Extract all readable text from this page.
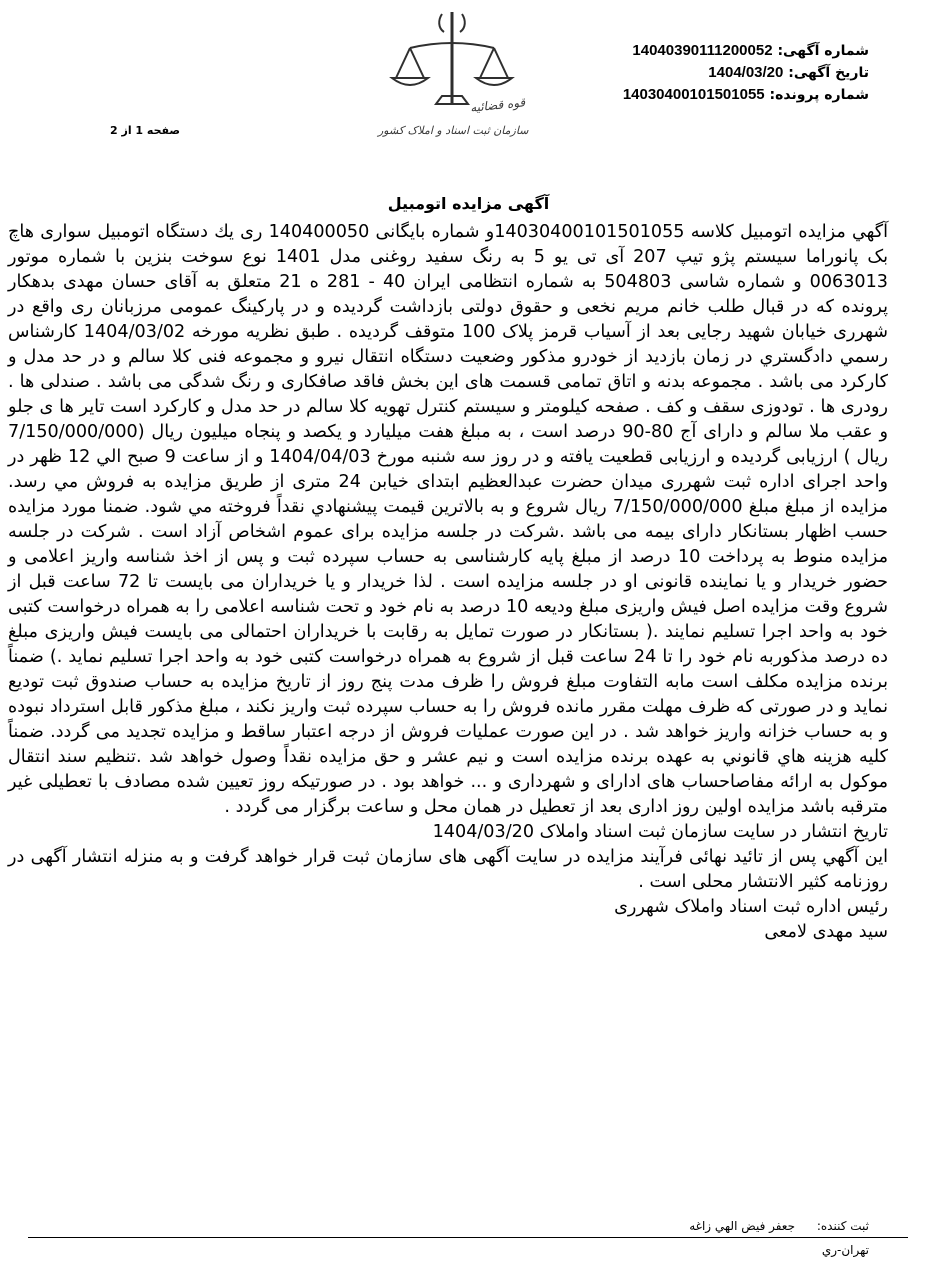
شماره آگهی: 14040390111200052
تاریخ آگهی: 1404/03/20
شماره پرونده: 14030400101501055
صفحه 1 از 2
قوه قضائیه
سازمان ثبت اسناد و املاک کشور
آگهی مزایده اتومبیل

آگهي مزايده اتومبيل كلاسه 14030400101501055و شماره بايگانی 140400050 ری يك دستگاه اتومبيل سواری هاچ بک پانوراما سيستم پژو تيپ 207 آی تی يو 5 به رنگ سفيد روغنی مدل 1401 نوع سوخت بنزين با شماره موتور 0063013 و شماره شاسی 504803 به شماره انتظامی ايران 40 - 281 ه 21 متعلق به آقای حسان مهدی بدهكار پرونده كه در قبال طلب خانم مريم نخعی و حقوق دولتی بازداشت گرديده و در پاركينگ عمومی مرزبانان ری واقع در شهرری خيابان شهيد رجايی بعد از آسياب قرمز پلاک 100 متوقف گرديده . طبق نظريه مورخه 1404/03/02 كارشناس رسمي دادگستري در زمان بازديد از خودرو مذكور وضعيت دستگاه انتقال نيرو و مجموعه فنی كلا سالم و در حد مدل و كاركرد می باشد . مجموعه بدنه و اتاق تمامی قسمت های اين بخش فاقد صافكاری و رنگ شدگی می باشد . صندلی ها . رودری ها . تودوزی سقف و كف . صفحه كيلومتر و سيستم كنترل تهويه كلا سالم در حد مدل و كاركرد است تاير ها ی جلو و عقب ملا سالم و دارای آج 80-90 درصد است ، به مبلغ هفت ميليارد و يكصد و پنجاه ميليون ريال (7/150/000/000 ريال ) ارزيابی گرديده و ارزيابی قطعيت يافته و در روز سه شنبه مورخ 1404/04/03 و از ساعت 9 صبح الي 12 ظهر در واحد اجرای اداره ثبت شهرری ميدان حضرت عبدالعظيم ابتدای خيابن 24 متری از طريق مزايده به فروش مي رسد. مزايده از مبلغ مبلغ 7/150/000/000 ريال شروع و به بالاترين قيمت پيشنهادي نقداً فروخته مي شود. ضمنا مورد مزايده حسب اظهار بستانكار دارای بيمه می باشد .شركت در جلسه مزايده برای عموم اشخاص آزاد است . شركت در جلسه مزايده منوط به پرداخت 10 درصد از مبلغ پايه كارشناسی به حساب سپرده ثبت و پس از اخذ شناسه واريز اعلامی و حضور خريدار و يا نماينده قانونی او در جلسه مزايده است . لذا خريدار و يا خريداران می بايست تا 72 ساعت قبل از شروع وقت مزايده اصل فيش واريزی مبلغ وديعه 10 درصد به نام خود و تحت شناسه اعلامی را به همراه درخواست كتبی خود به واحد اجرا تسليم نمايند .( بستانكار در صورت تمايل به رقابت با خريداران احتمالی می بايست فيش واريزی مبلغ ده درصد مذكوربه نام خود را تا 24 ساعت قبل از شروع به همراه درخواست كتبی خود به واحد اجرا تسليم نمايد .) ضمناً برنده مزايده مكلف است مابه التفاوت مبلغ فروش را ظرف مدت پنج روز از تاريخ مزايده به حساب صندوق ثبت توديع نمايد و در صورتی كه ظرف مهلت مقرر مانده فروش را به حساب سپرده ثبت واريز نكند ، مبلغ مذكور قابل استرداد نبوده و به حساب خزانه واريز خواهد شد . در اين صورت عمليات فروش از درجه اعتبار ساقط و مزايده تجديد می گردد. ضمناً كليه هزينه هاي قانوني به عهده برنده مزايده است و نيم عشر و حق مزايده نقداً وصول خواهد شد .تنظيم سند انتقال موكول به ارائه مفاصاحساب های ادارای و شهرداری و ... خواهد بود . در صورتيكه روز تعيين شده مصادف با تعطيلی غير مترقبه باشد مزايده اولين روز اداری بعد از تعطيل در همان محل و ساعت برگزار می گردد .

تاريخ انتشار در سايت سازمان ثبت اسناد واملاک 1404/03/20

اين آگهي پس از تائيد نهائی فرآيند مزايده در سايت آگهی های سازمان ثبت قرار خواهد گرفت و به منزله انتشار آگهی در روزنامه كثير الانتشار محلی است .

رئيس اداره ثبت اسناد واملاک شهرری

سيد مهدی لامعی

ثبت كننده: جعفر فيض الهي زاغه
تهران-ري
